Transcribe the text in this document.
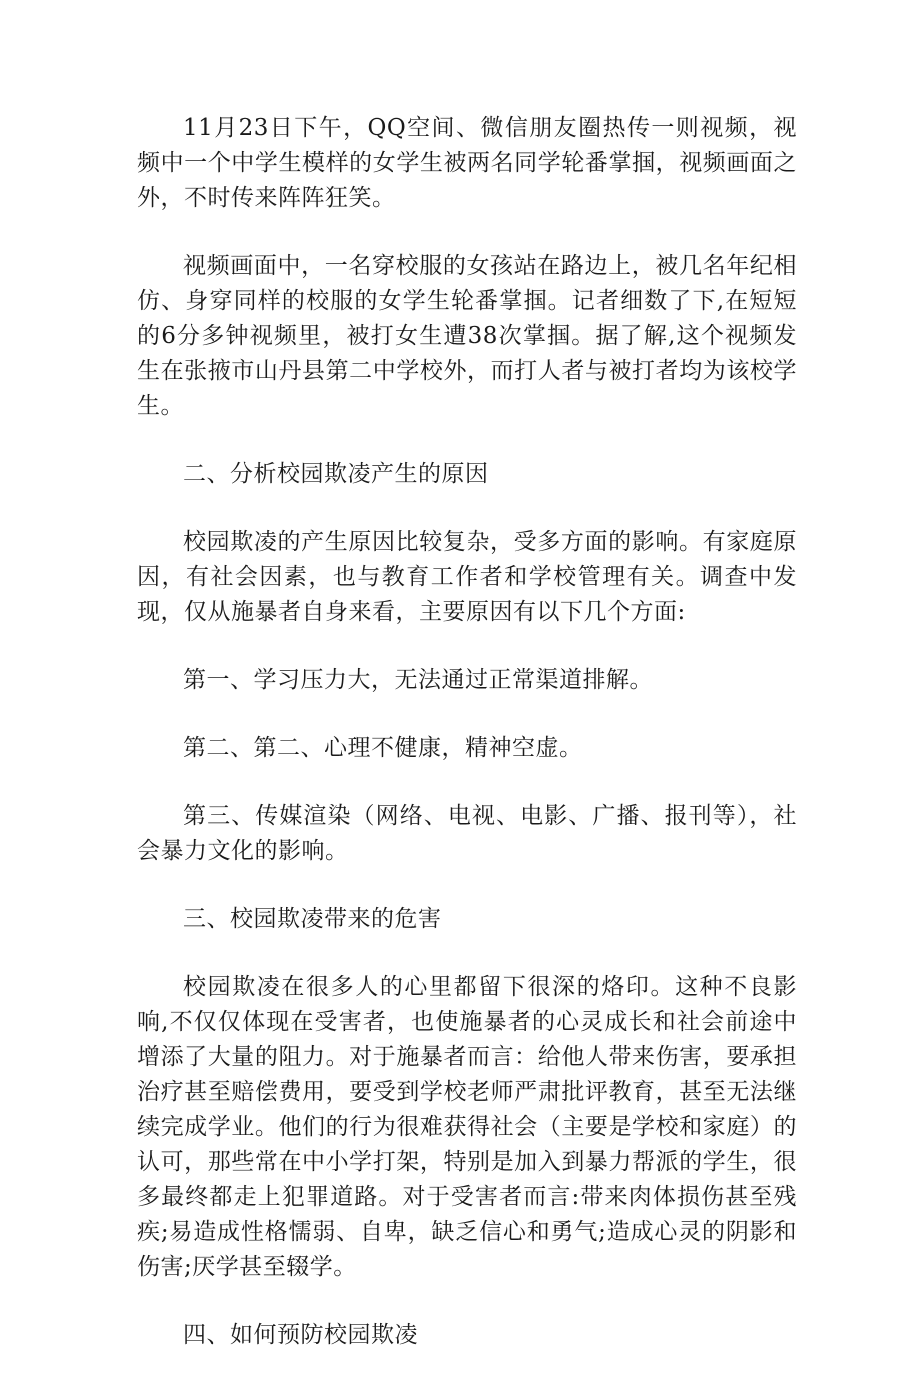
11月23日下午，QQ空间、微信朋友圈热传一则视频，视频中一个中学生模样的女学生被两名同学轮番掌掴，视频画面之外，不时传来阵阵狂笑。

视频画面中，一名穿校服的女孩站在路边上，被几名年纪相仿、身穿同样的校服的女学生轮番掌掴。记者细数了下,在短短的6分多钟视频里，被打女生遭38次掌掴。据了解,这个视频发生在张掖市山丹县第二中学校外，而打人者与被打者均为该校学生。

二、分析校园欺凌产生的原因

校园欺凌的产生原因比较复杂，受多方面的影响。有家庭原因，有社会因素，也与教育工作者和学校管理有关。调查中发现，仅从施暴者自身来看，主要原因有以下几个方面:

第一、学习压力大，无法通过正常渠道排解。

第二、第二、心理不健康，精神空虚。

第三、传媒渲染（网络、电视、电影、广播、报刊等），社会暴力文化的影响。

三、校园欺凌带来的危害

校园欺凌在很多人的心里都留下很深的烙印。这种不良影响,不仅仅体现在受害者，也使施暴者的心灵成长和社会前途中增添了大量的阻力。对于施暴者而言：给他人带来伤害，要承担治疗甚至赔偿费用，要受到学校老师严肃批评教育，甚至无法继续完成学业。他们的行为很难获得社会（主要是学校和家庭）的认可，那些常在中小学打架，特别是加入到暴力帮派的学生，很多最终都走上犯罪道路。对于受害者而言:带来肉体损伤甚至残疾;易造成性格懦弱、自卑，缺乏信心和勇气;造成心灵的阴影和伤害;厌学甚至辍学。

四、如何预防校园欺凌
